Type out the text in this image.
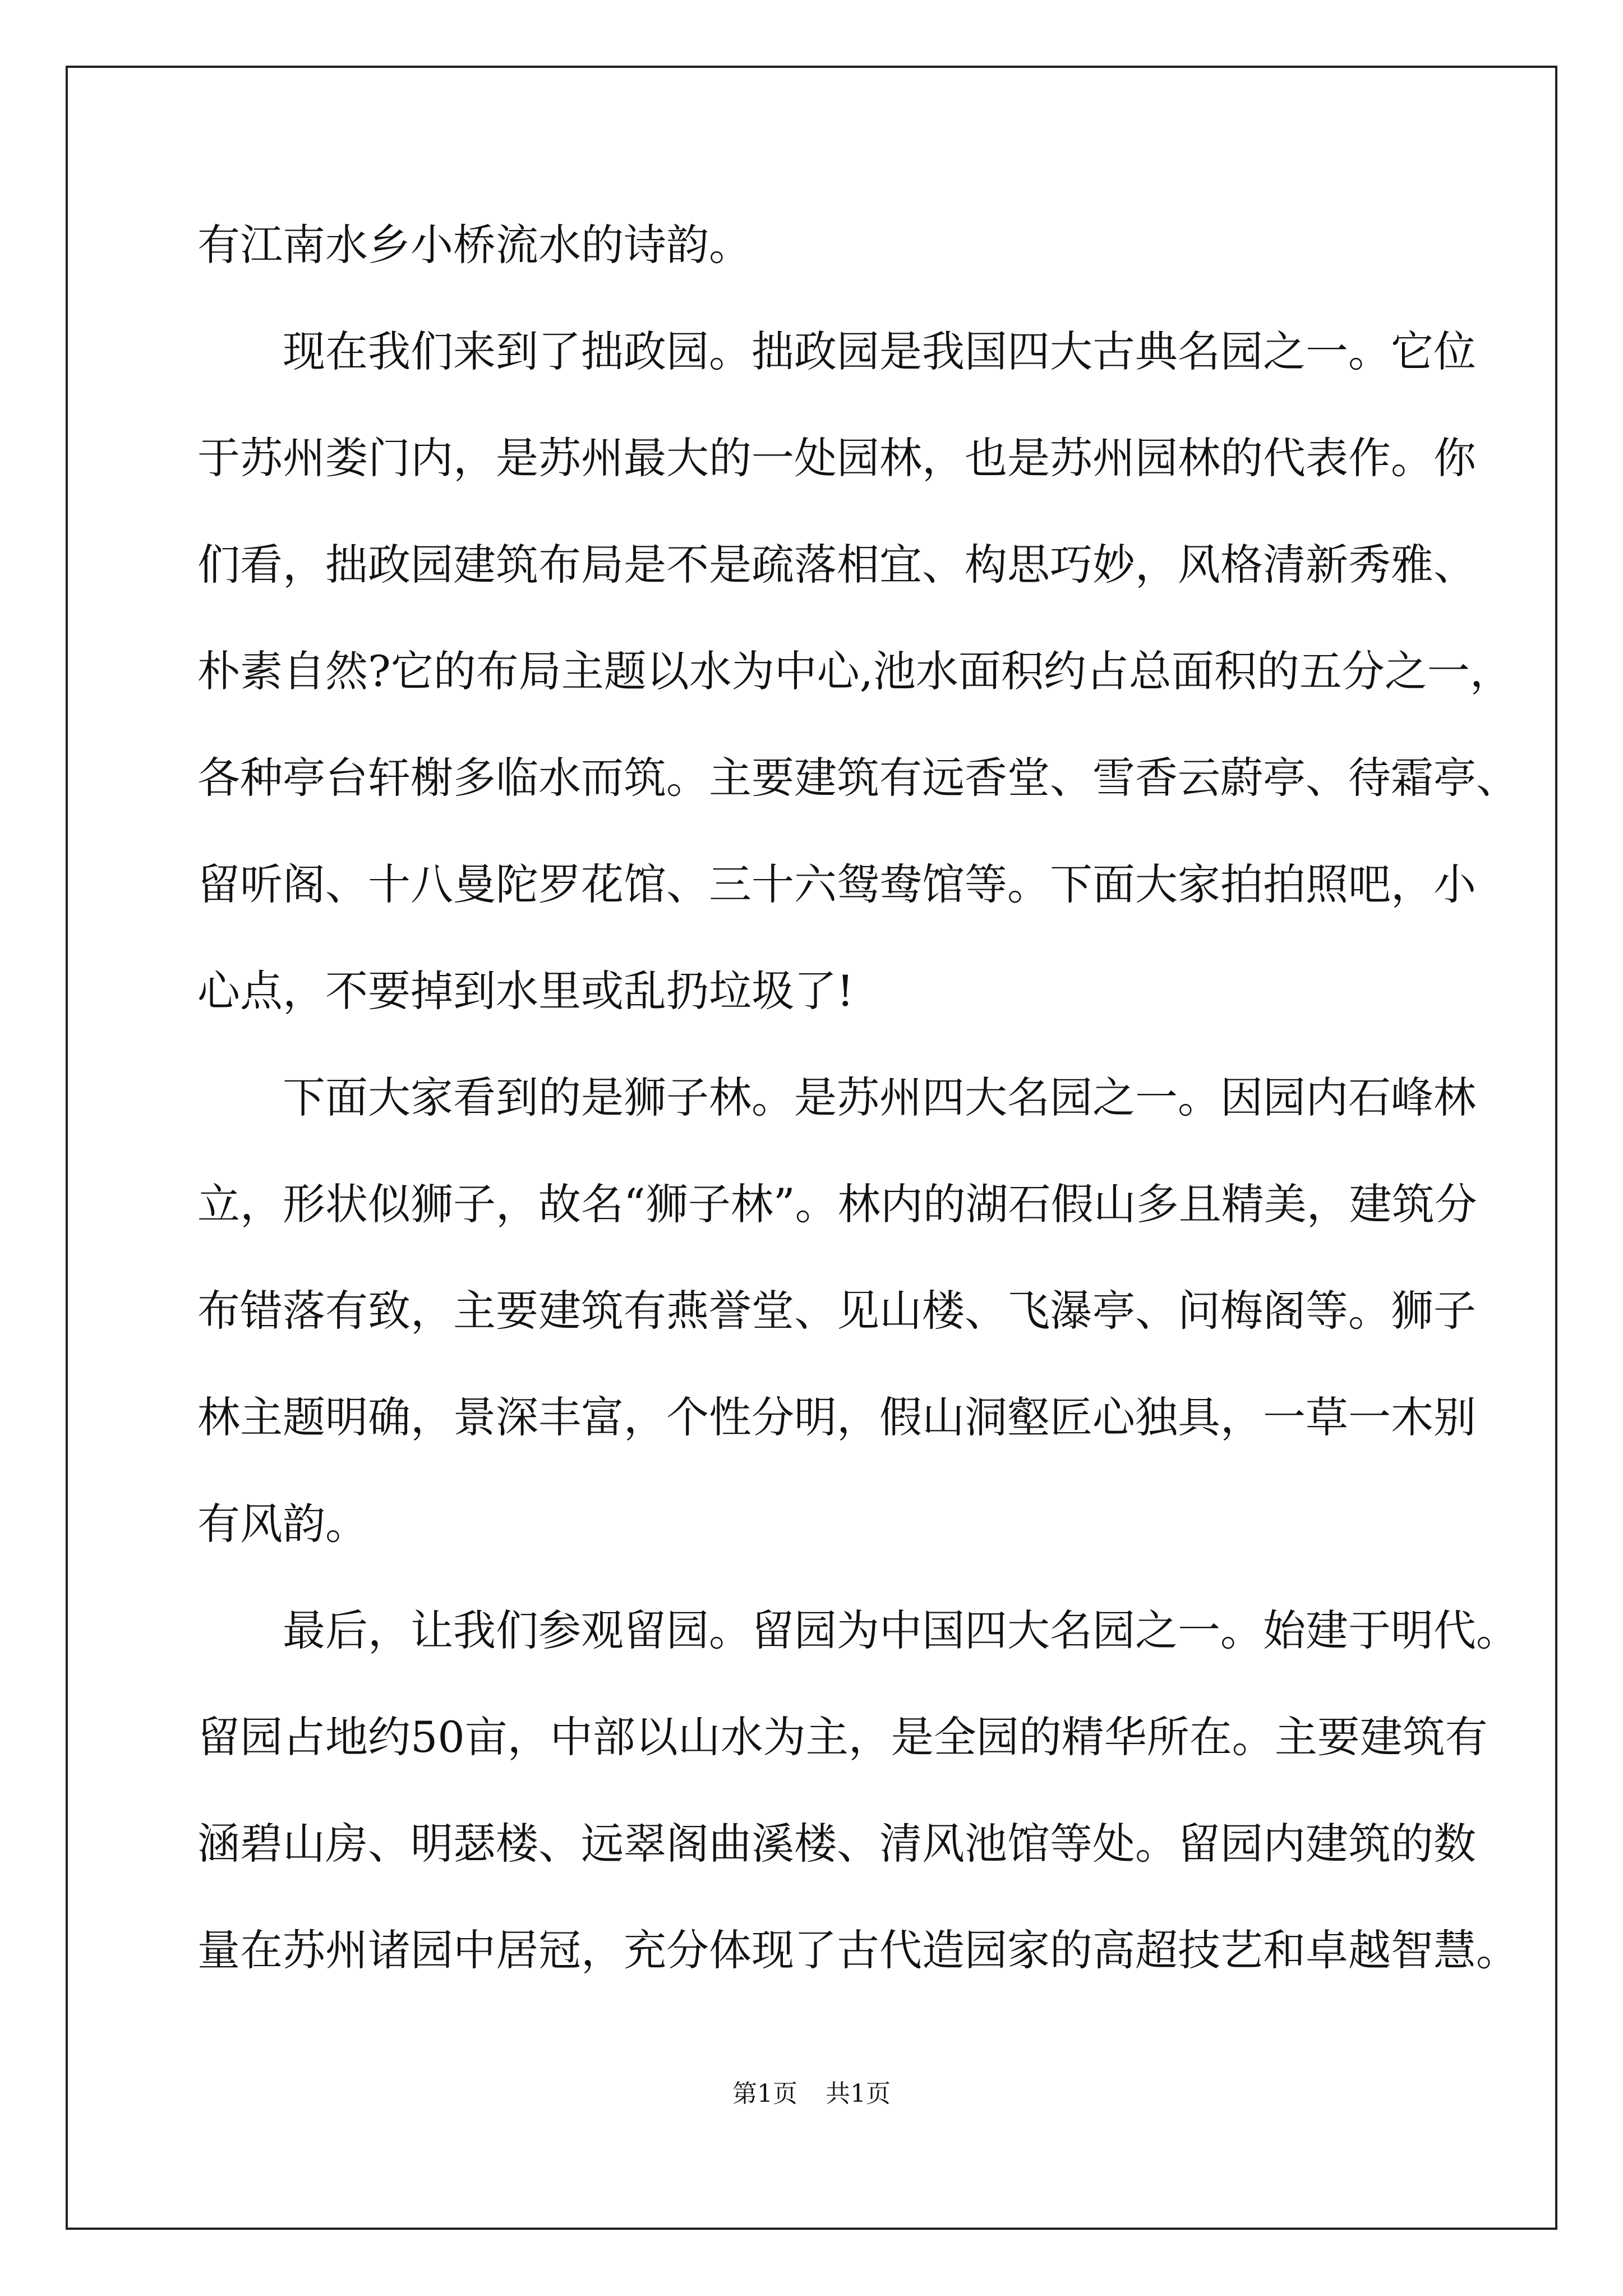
有江南水乡小桥流水的诗韵。
现在我们来到了拙政园。拙政园是我国四大古典名园之一。它位
于苏州娄门内，是苏州最大的一处园林，也是苏州园林的代表作。你
们看，拙政园建筑布局是不是疏落相宜、构思巧妙，风格清新秀雅、
朴素自然?它的布局主题以水为中心,池水面积约占总面积的五分之一，
各种亭台轩榭多临水而筑。主要建筑有远香堂、雪香云蔚亭、待霜亭、
留听阁、十八曼陀罗花馆、三十六鸳鸯馆等。下面大家拍拍照吧，小
心点，不要掉到水里或乱扔垃圾了!
下面大家看到的是狮子林。是苏州四大名园之一。因园内石峰林
立，形状似狮子，故名“狮子林”。林内的湖石假山多且精美，建筑分
布错落有致，主要建筑有燕誉堂、见山楼、飞瀑亭、问梅阁等。狮子
林主题明确，景深丰富，个性分明，假山洞壑匠心独具，一草一木别
有风韵。
最后，让我们参观留园。留园为中国四大名园之一。始建于明代。
留园占地约50亩，中部以山水为主，是全园的精华所在。主要建筑有
涵碧山房、明瑟楼、远翠阁曲溪楼、清风池馆等处。留园内建筑的数
量在苏州诸园中居冠，充分体现了古代造园家的高超技艺和卓越智慧。
第1页 共1页
